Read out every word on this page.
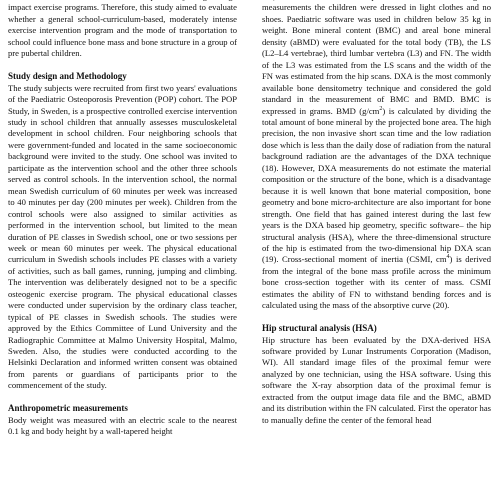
impact exercise programs. Therefore, this study aimed to evaluate whether a general school-curriculum-based, moderately intense exercise intervention program and the mode of transportation to school could influence bone mass and bone structure in a group of pre pubertal children.

Study design and Methodology

The study subjects were recruited from first two years' evaluations of the Paediatric Osteoporosis Prevention (POP) cohort. The POP Study, in Sweden, is a prospective controlled exercise intervention study in school children that annually assesses musculoskeletal development in school children. Four neighboring schools that were government-funded and located in the same socioeconomic background were invited to the study. One school was invited to participate as the intervention school and the other three schools served as control schools. In the intervention school, the normal mean Swedish curriculum of 60 minutes per week was increased to 40 minutes per day (200 minutes per week). Children from the control schools were also assigned to similar activities as performed in the intervention school, but limited to the mean duration of PE classes in Swedish school, one or two sessions per week or mean 60 minutes per week. The physical educational curriculum in Swedish schools includes PE classes with a variety of activities, such as ball games, running, jumping and climbing. The intervention was deliberately designed not to be a specific osteogenic exercise program. The physical educational classes were conducted under supervision by the ordinary class teacher, typical of PE classes in Swedish schools. The studies were approved by the Ethics Committee of Lund University and the Radiographic Committee at Malmo University Hospital, Malmo, Sweden. Also, the studies were conducted according to the Helsinki Declaration and informed written consent was obtained from parents or guardians of participants prior to the commencement of the study.

Anthropometric measurements

Body weight was measured with an electric scale to the nearest 0.1 kg and body height by a wall-tapered height

measurements the children were dressed in light clothes and no shoes. Paediatric software was used in children below 35 kg in weight. Bone mineral content (BMC) and areal bone mineral density (aBMD) were evaluated for the total body (TB), the LS (L2–L4 vertebrae), third lumbar vertebra (L3) and FN. The width of the L3 was estimated from the LS scans and the width of the FN was estimated from the hip scans. DXA is the most commonly available bone densitometry technique and considered the gold standard in the measurement of BMC and BMD. BMC is expressed in grams. BMD $(g/cm^2)$ is calculated by dividing the total amount of bone mineral by the projected bone area. The high precision, the non invasive short scan time and the low radiation dose which is less than the daily dose of radiation from the natural background radiation are the advantages of the DXA technique (18). However, DXA measurements do not estimate the material composition or the structure of the bone, which is a disadvantage because it is well known that bone material composition, bone geometry and bone micro-architecture are also important for bone strength. One field that has gained interest during the last few years is the DXA based hip geometry, specific software– the hip structural analysis (HSA), where the three-dimensional structure of the hip is estimated from the two-dimensional hip DXA scan (19). Cross-sectional moment of inertia (CSMI, $cm^4$) is derived from the integral of the bone mass profile across the minimum bone cross-section together with its center of mass. CSMI estimates the ability of FN to withstand bending forces and is calculated using the mass of the absorptive curve (20).

Hip structural analysis (HSA)

Hip structure has been evaluated by the DXA-derived HSA software provided by Lunar Instruments Corporation (Madison, WI). All standard image files of the proximal femur were analyzed by one technician, using the HSA software. Using this software the X-ray absorption data of the proximal femur is extracted from the output image data file and the BMC, aBMD and its distribution within the FN calculated. First the operator has to manually define the center of the femoral head
